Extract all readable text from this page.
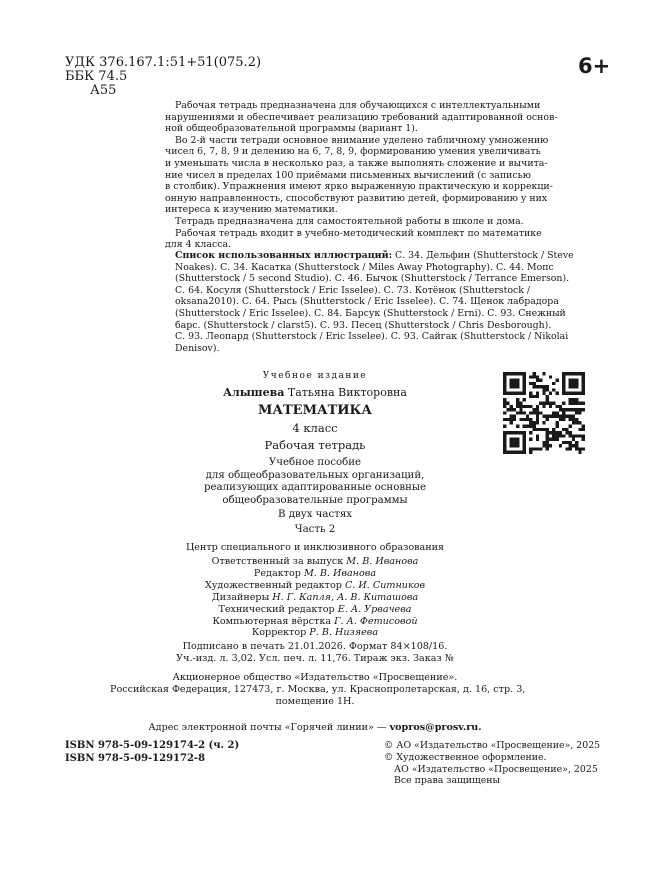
УДК 376.167.1:51+51(075.2)
ББК 74.5
А55
6+
Рабочая тетрадь предназначена для обучающихся с интеллектуальными
нарушениями и обеспечивает реализацию требований адаптированной основ-
ной общеобразовательной программы (вариант 1).
Во 2-й части тетради основное внимание уделено табличному умножению
чисел 6, 7, 8, 9 и делению на 6, 7, 8, 9, формированию умения увеличивать
и уменьшать числа в несколько раз, а также выполнять сложение и вычита-
ние чисел в пределах 100 приёмами письменных вычислений (с записью
в столбик). Упражнения имеют ярко выраженную практическую и коррекци-
онную направленность, способствуют развитию детей, формированию у них
интереса к изучению математики.
Тетрадь предназначена для самостоятельной работы в школе и дома.
Рабочая тетрадь входит в учебно-методический комплект по математике
для 4 класса.
Список использованных иллюстраций: С. 34. Дельфин (Shutterstock / Steve
Noakes). С. 34. Касатка (Shutterstock / Miles Away Photography). С. 44. Мопс
(Shutterstock / 5 second Studio). С. 46. Бычок (Shutterstock / Terrance Emerson).
С. 64. Косуля (Shutterstock / Eric Isselee). С. 73. Котёнок (Shutterstock /
oksana2010). С. 64. Рысь (Shutterstock / Eric Isselee). С. 74. Щенок лабрадора
(Shutterstock / Eric Isselee). С. 84. Барсук (Shutterstock / Erni). С. 93. Снежный
барс. (Shutterstock / clarst5). С. 93. Песец (Shutterstock / Chris Desborough).
С. 93. Леопард (Shutterstock / Eric Isselee). С. 93. Сайгак (Shutterstock / Nikolai
Denisov).
Учебное издание
Алышева Татьяна Викторовна
МАТЕМАТИКА
4 класс
Рабочая тетрадь
Учебное пособие
для общеобразовательных организаций,
реализующих адаптированные основные
общеобразовательные программы
В двух частях
Часть 2
Центр специального и инклюзивного образования
Ответственный за выпуск М. В. Иванова
Редактор М. В. Иванова
Художественный редактор С. И. Ситников
Дизайнеры Н. Г. Капля, А. В. Киташова
Технический редактор Е. А. Урвачева
Компьютерная вёрстка Г. А. Фетисовой
Корректор Р. В. Низяева
Подписано в печать 21.01.2026. Формат 84×108/16.
Уч.-изд. л. 3,02. Усл. печ. л. 11,76. Тираж экз. Заказ №
Акционерное общество «Издательство «Просвещение».
Российская Федерация, 127473, г. Москва, ул. Краснопролетарская, д. 16, стр. 3,
помещение 1Н.
Адрес электронной почты «Горячей линии» — vopros@prosv.ru.
ISBN 978-5-09-129174-2 (ч. 2)
ISBN 978-5-09-129172-8
© АО «Издательство «Просвещение», 2025
© Художественное оформление.
АО «Издательство «Просвещение», 2025
Все права защищены
